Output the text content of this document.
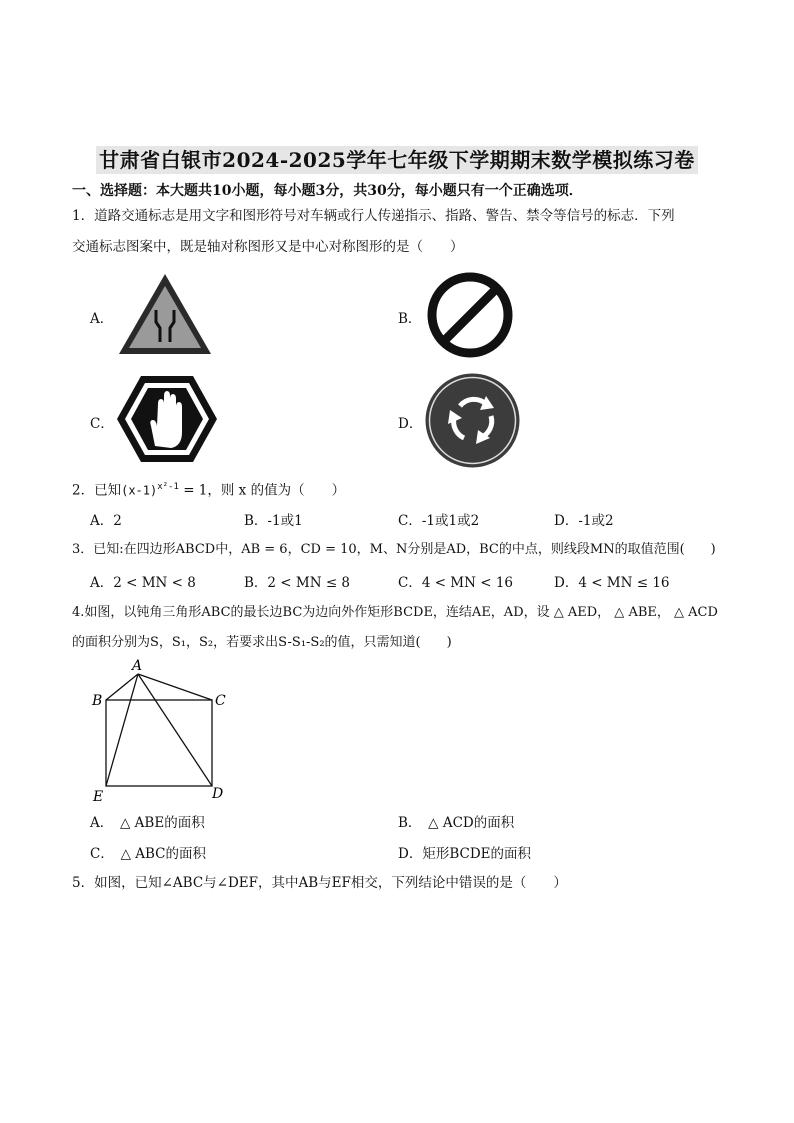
甘肃省白银市2024-2025学年七年级下学期期末数学模拟练习卷
一、选择题：本大题共10小题，每小题3分，共30分，每小题只有一个正确选项．
1．道路交通标志是用文字和图形符号对车辆或行人传递指示、指路、警告、禁令等信号的标志．下列
交通标志图案中，既是轴对称图形又是中心对称图形的是（　　）
A．	B．
C．	D．
2．已知$(x-1)^{x^2-1} = 1$，则 x 的值为（　　）
A．2	B．-1或1	C．-1或1或2	D．-1或2
3．已知:在四边形ABCD中，AB = 6，CD = 10，M、N分别是AD，BC的中点，则线段MN的取值范围(　　)
A．2 < MN < 8	B．2 < MN ≤ 8	C．4 < MN < 16	D．4 < MN ≤ 16
4.如图，以钝角三角形ABC的最长边BC为边向外作矩形BCDE，连结AE，AD，设 △ AED， △ ABE， △ ACD
的面积分别为S，S₁，S₂，若要求出S-S₁-S₂的值，只需知道(　　)
A
B	C
D
E
A．　△ ABE的面积	B．　△ ACD的面积
C．　△ ABC的面积	D．矩形BCDE的面积
5．如图，已知∠ABC与∠DEF，其中AB与EF相交，下列结论中错误的是（　　）
